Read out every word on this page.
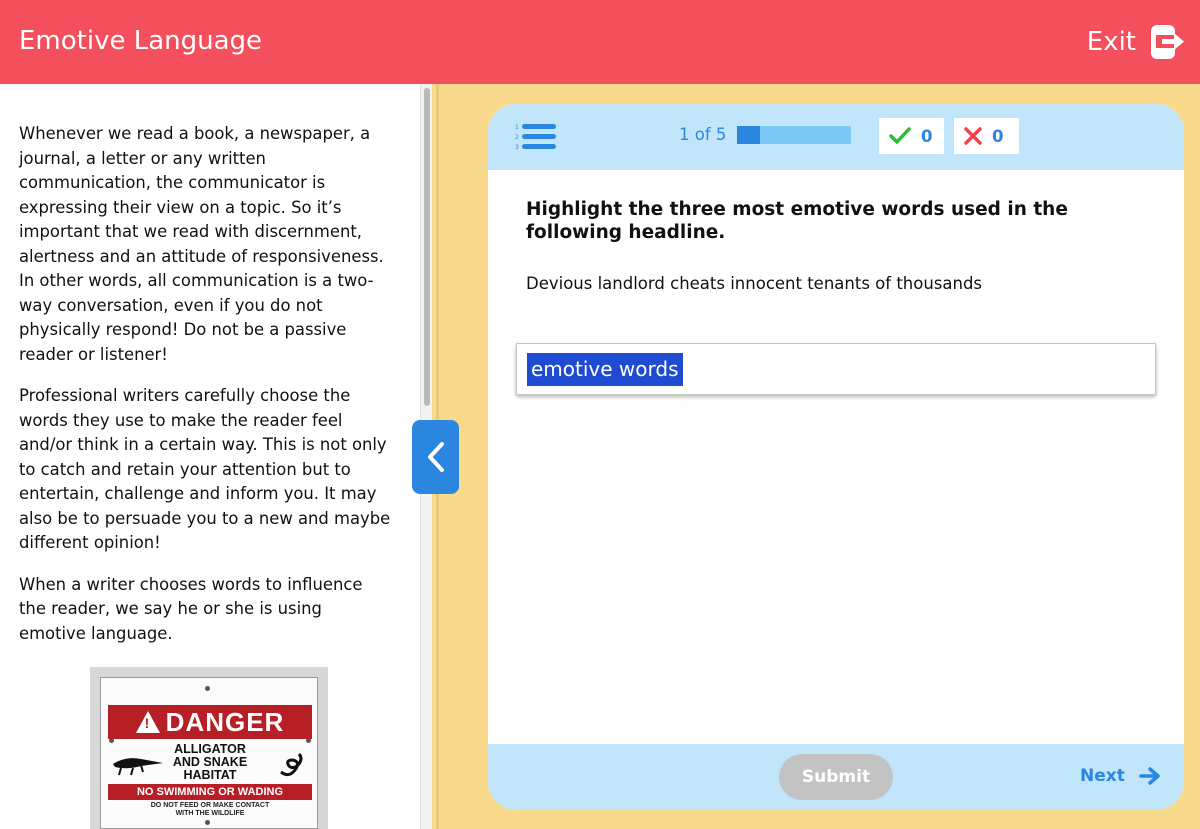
Emotive Language	Exit

Whenever we read a book, a newspaper, a journal, a letter or any written communication, the communicator is expressing their view on a topic. So it’s important that we read with discernment, alertness and an attitude of responsiveness. In other words, all communication is a two-way conversation, even if you do not physically respond! Do not be a passive reader or listener!

Professional writers carefully choose the words they use to make the reader feel and/or think in a certain way. This is not only to catch and retain your attention but to entertain, challenge and inform you. It may also be to persuade you to a new and maybe different opinion!

When a writer chooses words to influence the reader, we say he or she is using emotive language.

!
DANGER
ALLIGATOR
AND SNAKE
HABITAT
NO SWIMMING OR WADING
DO NOT FEED OR MAKE CONTACT
WITH THE WILDLIFE
1
2
3
1 of 5	0	0
Highlight the three most emotive words used in the following headline.
Devious landlord cheats innocent tenants of thousands
emotive words
Submit	Next
